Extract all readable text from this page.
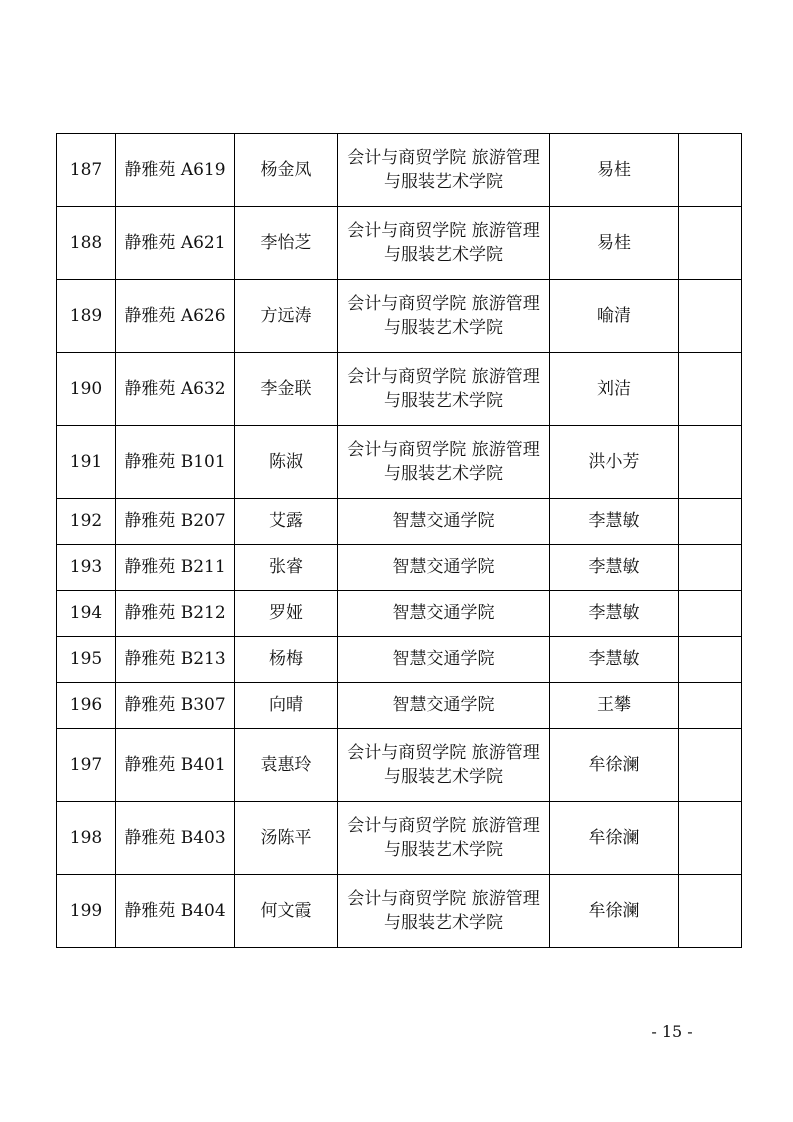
187	静雅苑 A619	杨金凤	会计与商贸学院 旅游管理与服装艺术学院	易桂	
188	静雅苑 A621	李怡芝	会计与商贸学院 旅游管理与服装艺术学院	易桂	
189	静雅苑 A626	方远涛	会计与商贸学院 旅游管理与服装艺术学院	喻清	
190	静雅苑 A632	李金联	会计与商贸学院 旅游管理与服装艺术学院	刘洁	
191	静雅苑 B101	陈淑	会计与商贸学院 旅游管理与服装艺术学院	洪小芳	
192	静雅苑 B207	艾露	智慧交通学院	李慧敏	
193	静雅苑 B211	张睿	智慧交通学院	李慧敏	
194	静雅苑 B212	罗娅	智慧交通学院	李慧敏	
195	静雅苑 B213	杨梅	智慧交通学院	李慧敏	
196	静雅苑 B307	向晴	智慧交通学院	王攀	
197	静雅苑 B401	袁惠玲	会计与商贸学院 旅游管理与服装艺术学院	牟徐澜	
198	静雅苑 B403	汤陈平	会计与商贸学院 旅游管理与服装艺术学院	牟徐澜	
199	静雅苑 B404	何文霞	会计与商贸学院 旅游管理与服装艺术学院	牟徐澜	
- 15 -
